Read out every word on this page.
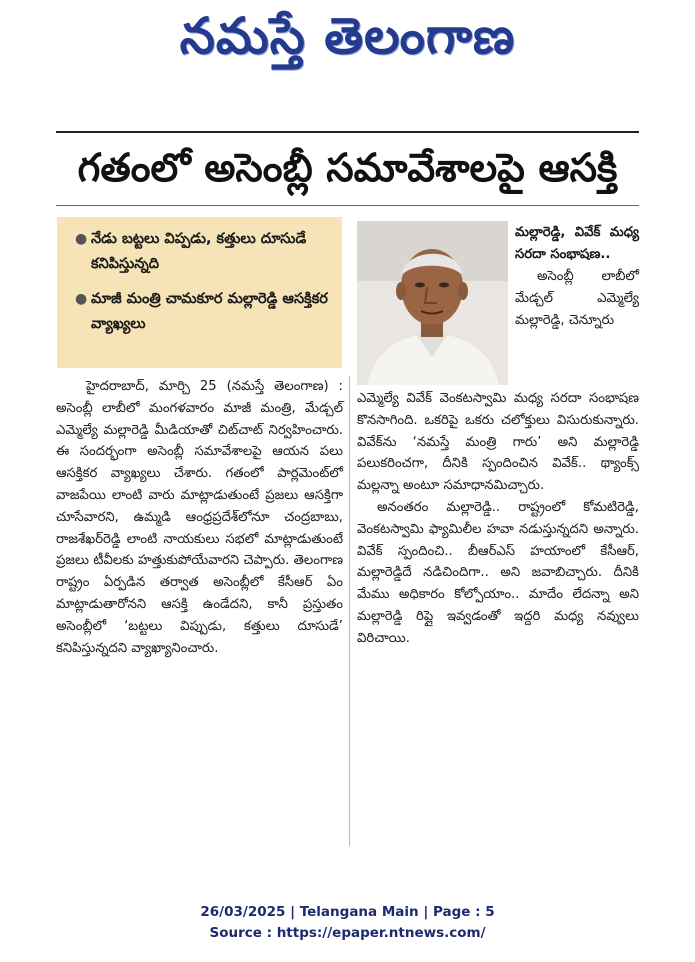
నమస్తే తెలంగాణ
గతంలో అసెంబ్లీ సమావేశాలపై ఆసక్తి
● నేడు బట్టలు విప్పడు, కత్తులు దూసుడే కనిపిస్తున్నది
● మాజీ మంత్రి చామకూర మల్లారెడ్డి ఆసక్తికర వ్యాఖ్యలు
మల్లారెడ్డి, వివేక్ మధ్య సరదా సంభాషణ..
అసెంబ్లీ లాబీలో మేడ్చల్ ఎమ్మెల్యే మల్లారెడ్డి, చెన్నూరు
హైదరాబాద్, మార్చి 25 (నమస్తే తెలంగాణ) : అసెంబ్లీ లాబీలో మంగళవారం మాజీ మంత్రి, మేడ్చల్ ఎమ్మెల్యే మల్లారెడ్డి మీడియాతో చిట్‌చాట్ నిర్వహించారు. ఈ సందర్భంగా అసెంబ్లీ సమావేశాలపై ఆయన పలు ఆసక్తికర వ్యాఖ్యలు చేశారు. గతంలో పార్లమెంట్‌లో వాజపేయి లాంటి వారు మాట్లాడుతుంటే ప్రజలు ఆసక్తిగా చూసేవారని, ఉమ్మడి ఆంధ్రప్రదేశ్‌లోనూ చంద్రబాబు, రాజశేఖర్‌రెడ్డి లాంటి నాయకులు సభలో మాట్లాడుతుంటే ప్రజలు టీవీలకు హత్తుకుపోయేవారని చెప్పారు. తెలంగాణ రాష్ట్రం ఏర్పడిన తర్వాత అసెంబ్లీలో కేసీఆర్ ఏం మాట్లాడుతారోనని ఆసక్తి ఉండేదని, కానీ ప్రస్తుతం అసెంబ్లీలో ‘బట్టలు విప్పుడు, కత్తులు దూసుడే’ కనిపిస్తున్నదని వ్యాఖ్యానించారు.

ఎమ్మెల్యే వివేక్ వెంకటస్వామి మధ్య సరదా సంభాషణ కొనసాగింది. ఒకరిపై ఒకరు చలోక్తులు విసురుకున్నారు. వివేక్‌ను ‘నమస్తే మంత్రి గారు’ అని మల్లారెడ్డి పలుకరించగా, దీనికి స్పందించిన వివేక్.. థ్యాంక్స్ మల్లన్నా అంటూ సమాధానమిచ్చారు.

అనంతరం మల్లారెడ్డి.. రాష్ట్రంలో కోమటిరెడ్డి, వెంకటస్వామి ఫ్యామిలీల హవా నడుస్తున్నదని అన్నారు. వివేక్ స్పందించి.. బీఆర్‌ఎస్ హయాంలో కేసీఆర్, మల్లారెడ్డిదే నడిచిందిగా.. అని జవాబిచ్చారు. దీనికి మేము అధికారం కోల్పోయాం.. మాదేం లేదన్నా అని మల్లారెడ్డి రిప్లై ఇవ్వడంతో ఇద్దరి మధ్య నవ్వులు విరిచాయి.

26/03/2025 | Telangana Main | Page : 5
Source : https://epaper.ntnews.com/
